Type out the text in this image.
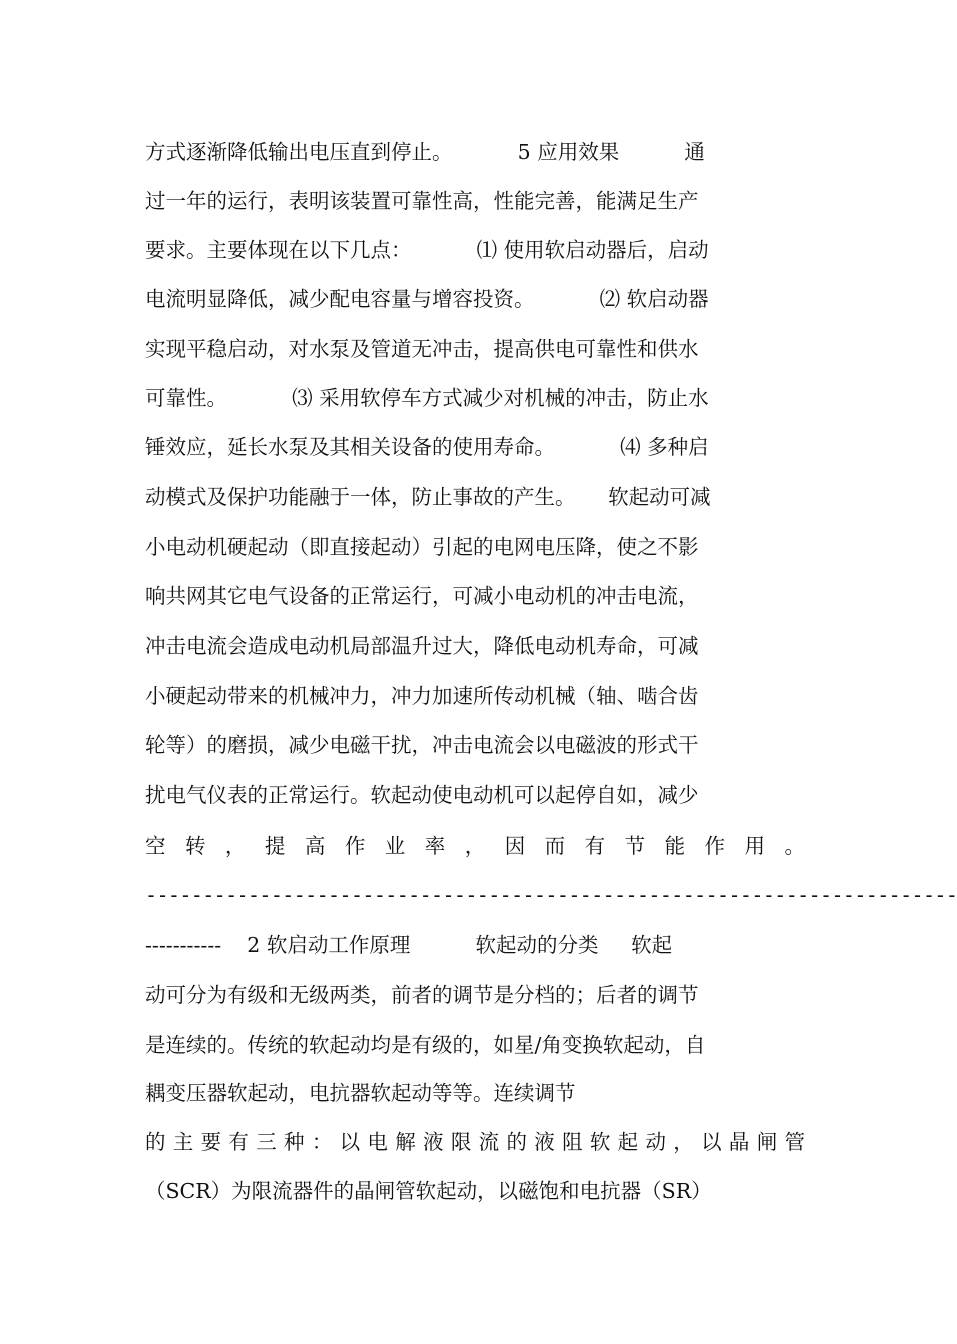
方式逐渐降低输出电压直到停止。          5 应用效果          通
过一年的运行，表明该装置可靠性高，性能完善，能满足生产
要求。主要体现在以下几点：          ⑴ 使用软启动器后，启动
电流明显降低，减少配电容量与增容投资。          ⑵ 软启动器
实现平稳启动，对水泵及管道无冲击，提高供电可靠性和供水
可靠性。          ⑶ 采用软停车方式减少对机械的冲击，防止水
锤效应，延长水泵及其相关设备的使用寿命。          ⑷ 多种启
动模式及保护功能融于一体，防止事故的产生。     软起动可减
小电动机硬起动（即直接起动）引起的电网电压降，使之不影
响共网其它电气设备的正常运行，可减小电动机的冲击电流，
冲击电流会造成电动机局部温升过大，降低电动机寿命，可减
小硬起动带来的机械冲力，冲力加速所传动机械（轴、啮合齿
轮等）的磨损，减少电磁干扰，冲击电流会以电磁波的形式干
扰电气仪表的正常运行。软起动使电动机可以起停自如，减少
空 转 ， 提 高 作 业 率 ， 因 而 有 节 能 作 用 。
-----------------------------------------------------------------------
-----------    2 软启动工作原理          软起动的分类     软起
动可分为有级和无级两类，前者的调节是分档的；后者的调节
是连续的。传统的软起动均是有级的，如星/角变换软起动，自
耦变压器软起动，电抗器软起动等等。连续调节
的主要有三种：以电解液限流的液阻软起动，以晶闸管
（SCR）为限流器件的晶闸管软起动，以磁饱和电抗器（SR）
